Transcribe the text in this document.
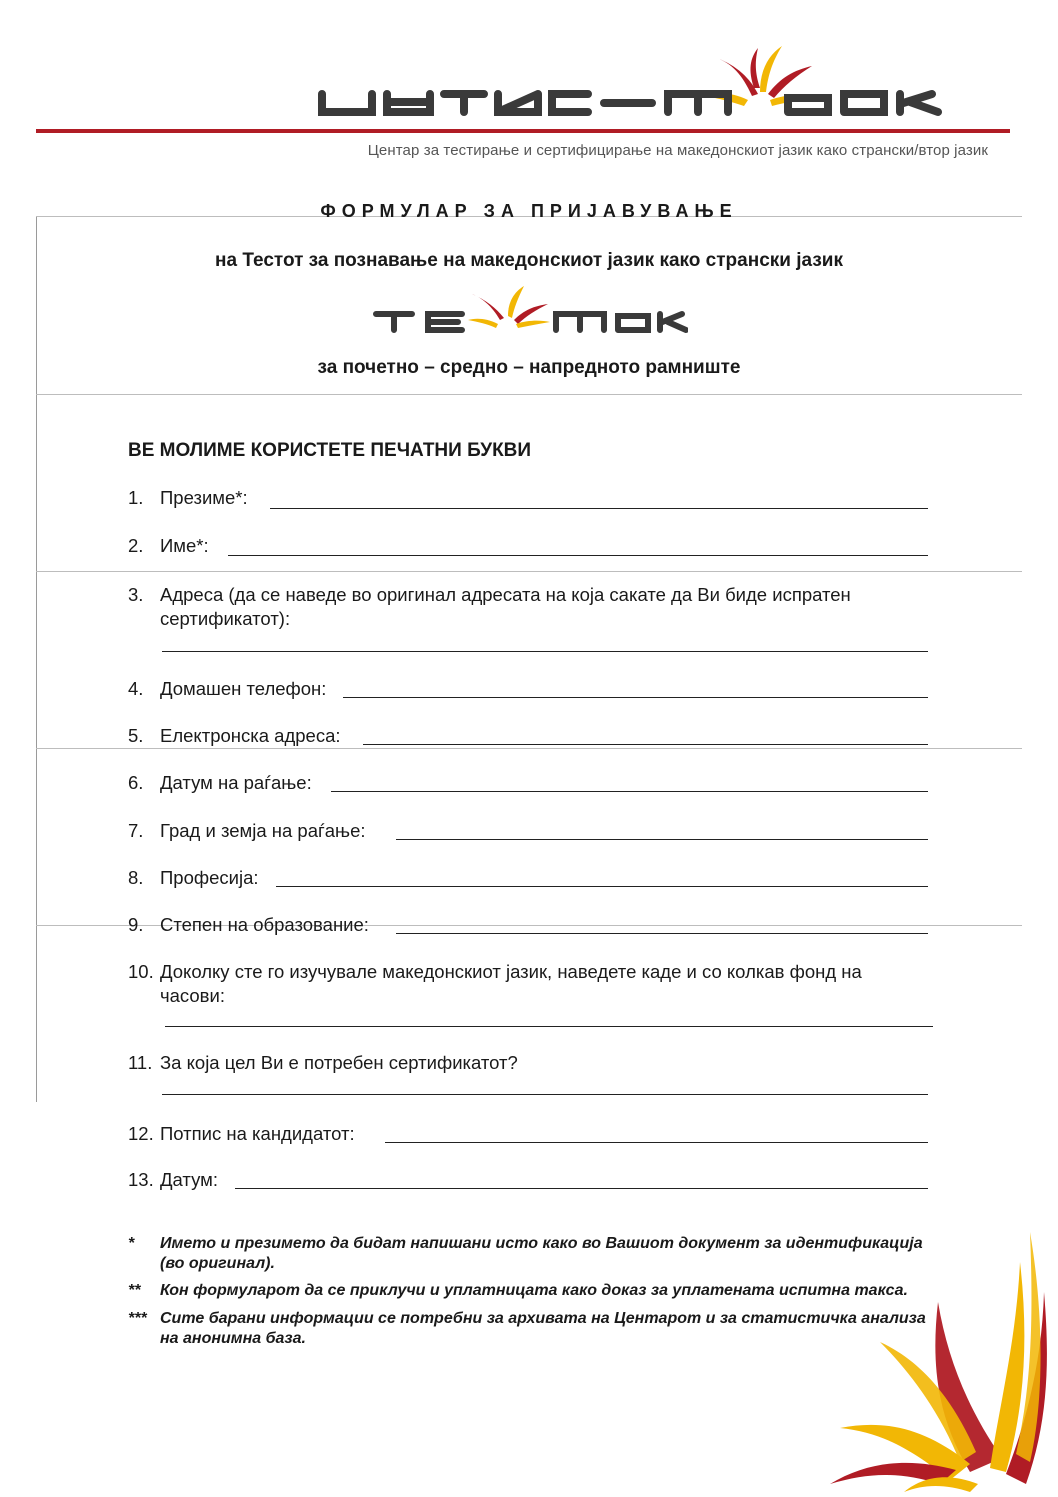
Центар за тестирање и сертифицирање на македонскиот јазик како странски/втор јазик
ФОРМУЛАР ЗА ПРИЈАВУВАЊЕ
на Тестот за познавање на македонскиот јазик како странски јазик
за почетно – средно – напредното рамниште
ВЕ МОЛИМЕ КОРИСТЕТЕ ПЕЧАТНИ БУКВИ
1. Презиме*:
2. Име*:
3. Адреса (да се наведе во оригинал адресата на која сакате да Ви биде испратен сертификатот):
4. Домашен телефон:
5. Електронска адреса:
6. Датум на раѓање:
7. Град и земја на раѓање:
8. Професија:
9. Степен на образование:
10. Доколку сте го изучувале македонскиот јазик, наведете каде и со колкав фонд на часови:
11. За која цел Ви е потребен сертификатот?
12. Потпис на кандидатот:
13. Датум:
* Името и презимето да бидат напишани исто како во Вашиот документ за идентификација (во оригинал).
** Кон формуларот да се приклучи и уплатницата како доказ за уплатената испитна такса.
*** Сите барани информации се потребни за архивата на Центарот и за статистичка анализа на анонимна база.
